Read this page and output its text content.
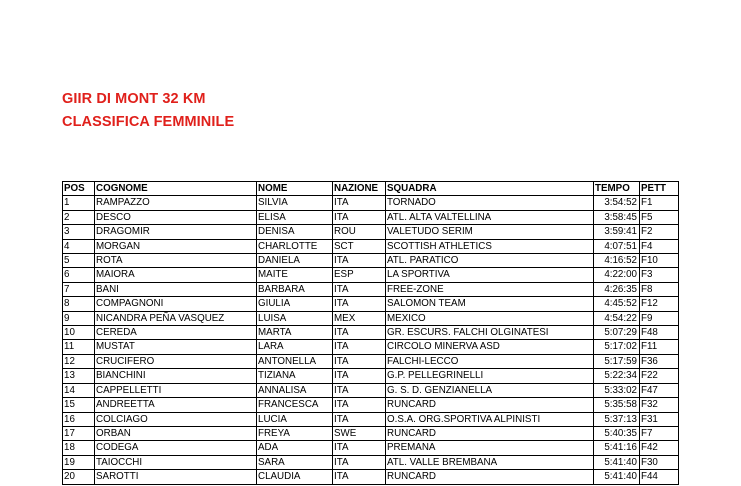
GIIR DI MONT 32 KM
CLASSIFICA FEMMINILE
POS	COGNOME	NOME	NAZIONE	SQUADRA	TEMPO	PETT
1	RAMPAZZO	SILVIA	ITA	TORNADO	3:54:52	F1
2	DESCO	ELISA	ITA	ATL. ALTA VALTELLINA	3:58:45	F5
3	DRAGOMIR	DENISA	ROU	VALETUDO SERIM	3:59:41	F2
4	MORGAN	CHARLOTTE	SCT	SCOTTISH ATHLETICS	4:07:51	F4
5	ROTA	DANIELA	ITA	ATL. PARATICO	4:16:52	F10
6	MAIORA	MAITE	ESP	LA SPORTIVA	4:22:00	F3
7	BANI	BARBARA	ITA	FREE-ZONE	4:26:35	F8
8	COMPAGNONI	GIULIA	ITA	SALOMON TEAM	4:45:52	F12
9	NICANDRA PEÑA VASQUEZ	LUISA	MEX	MEXICO	4:54:22	F9
10	CEREDA	MARTA	ITA	GR. ESCURS. FALCHI OLGINATESI	5:07:29	F48
11	MUSTAT	LARA	ITA	CIRCOLO MINERVA ASD	5:17:02	F11
12	CRUCIFERO	ANTONELLA	ITA	FALCHI-LECCO	5:17:59	F36
13	BIANCHINI	TIZIANA	ITA	G.P. PELLEGRINELLI	5:22:34	F22
14	CAPPELLETTI	ANNALISA	ITA	G. S. D. GENZIANELLA	5:33:02	F47
15	ANDREETTA	FRANCESCA	ITA	RUNCARD	5:35:58	F32
16	COLCIAGO	LUCIA	ITA	O.S.A. ORG.SPORTIVA ALPINISTI	5:37:13	F31
17	ORBAN	FREYA	SWE	RUNCARD	5:40:35	F7
18	CODEGA	ADA	ITA	PREMANA	5:41:16	F42
19	TAIOCCHI	SARA	ITA	ATL. VALLE BREMBANA	5:41:40	F30
20	SAROTTI	CLAUDIA	ITA	RUNCARD	5:41:40	F44
